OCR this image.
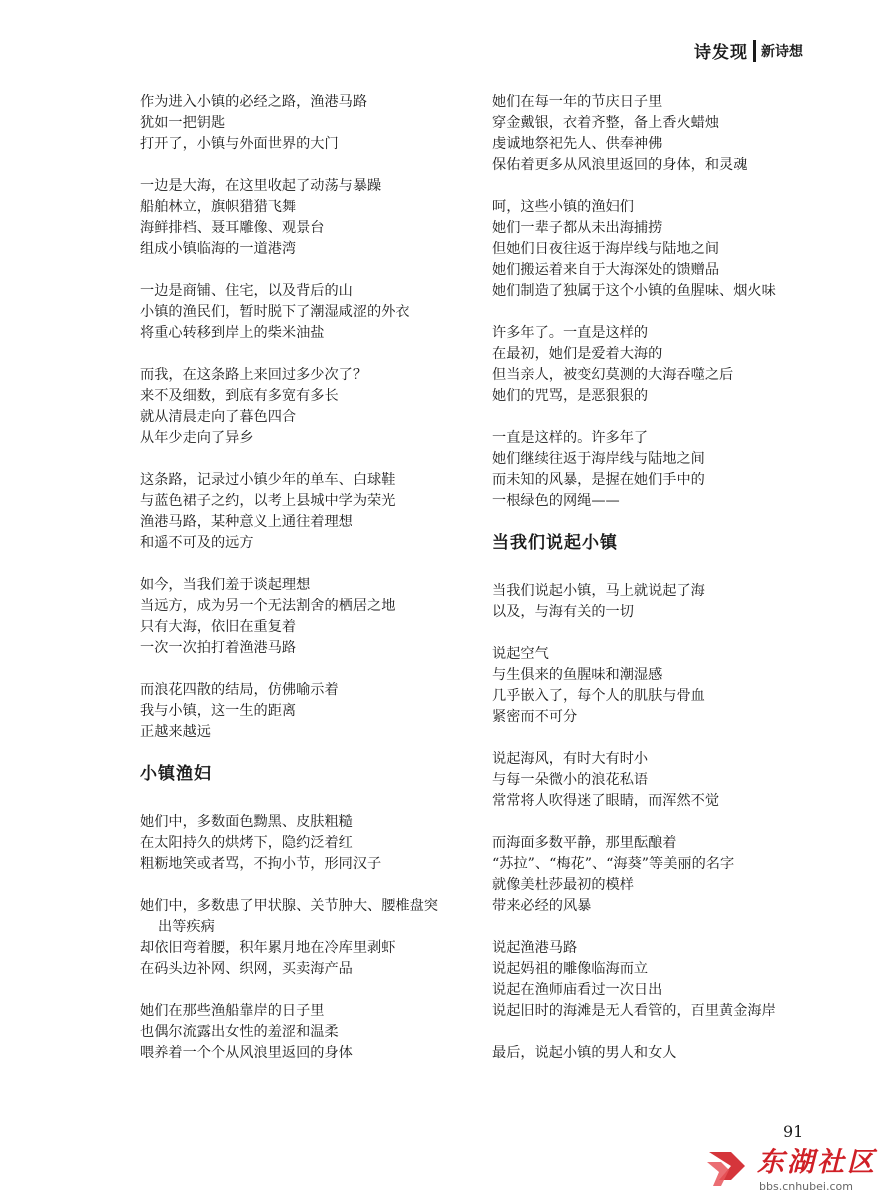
诗发现 新诗想
作为进入小镇的必经之路，渔港马路
犹如一把钥匙
打开了，小镇与外面世界的大门
一边是大海，在这里收起了动荡与暴躁
船舶林立，旗帜猎猎飞舞
海鲜排档、聂耳雕像、观景台
组成小镇临海的一道港湾
一边是商铺、住宅，以及背后的山
小镇的渔民们，暂时脱下了潮湿咸涩的外衣
将重心转移到岸上的柴米油盐
而我，在这条路上来回过多少次了？
来不及细数，到底有多宽有多长
就从清晨走向了暮色四合
从年少走向了异乡
这条路，记录过小镇少年的单车、白球鞋
与蓝色裙子之约，以考上县城中学为荣光
渔港马路，某种意义上通往着理想
和遥不可及的远方
如今，当我们羞于谈起理想
当远方，成为另一个无法割舍的栖居之地
只有大海，依旧在重复着
一次一次拍打着渔港马路
而浪花四散的结局，仿佛喻示着
我与小镇，这一生的距离
正越来越远
小镇渔妇
她们中，多数面色黝黑、皮肤粗糙
在太阳持久的烘烤下，隐约泛着红
粗粝地笑或者骂，不拘小节，形同汉子
她们中，多数患了甲状腺、关节肿大、腰椎盘突出等疾病
却依旧弯着腰，积年累月地在冷库里剥虾
在码头边补网、织网，买卖海产品
她们在那些渔船靠岸的日子里
也偶尔流露出女性的羞涩和温柔
喂养着一个个从风浪里返回的身体
她们在每一年的节庆日子里
穿金戴银，衣着齐整，备上香火蜡烛
虔诚地祭祀先人、供奉神佛
保佑着更多从风浪里返回的身体，和灵魂
呵，这些小镇的渔妇们
她们一辈子都从未出海捕捞
但她们日夜往返于海岸线与陆地之间
她们搬运着来自于大海深处的馈赠品
她们制造了独属于这个小镇的鱼腥味、烟火味
许多年了。一直是这样的
在最初，她们是爱着大海的
但当亲人，被变幻莫测的大海吞噬之后
她们的咒骂，是恶狠狠的
一直是这样的。许多年了
她们继续往返于海岸线与陆地之间
而未知的风暴，是握在她们手中的
一根绿色的网绳——
当我们说起小镇
当我们说起小镇，马上就说起了海
以及，与海有关的一切
说起空气
与生俱来的鱼腥味和潮湿感
几乎嵌入了，每个人的肌肤与骨血
紧密而不可分
说起海风，有时大有时小
与每一朵微小的浪花私语
常常将人吹得迷了眼睛，而浑然不觉
而海面多数平静，那里酝酿着
“苏拉”、“梅花”、“海葵”等美丽的名字
就像美杜莎最初的模样
带来必经的风暴
说起渔港马路
说起妈祖的雕像临海而立
说起在渔师庙看过一次日出
说起旧时的海滩是无人看管的，百里黄金海岸
最后，说起小镇的男人和女人
91
东湖社区
bbs.cnhubei.com
